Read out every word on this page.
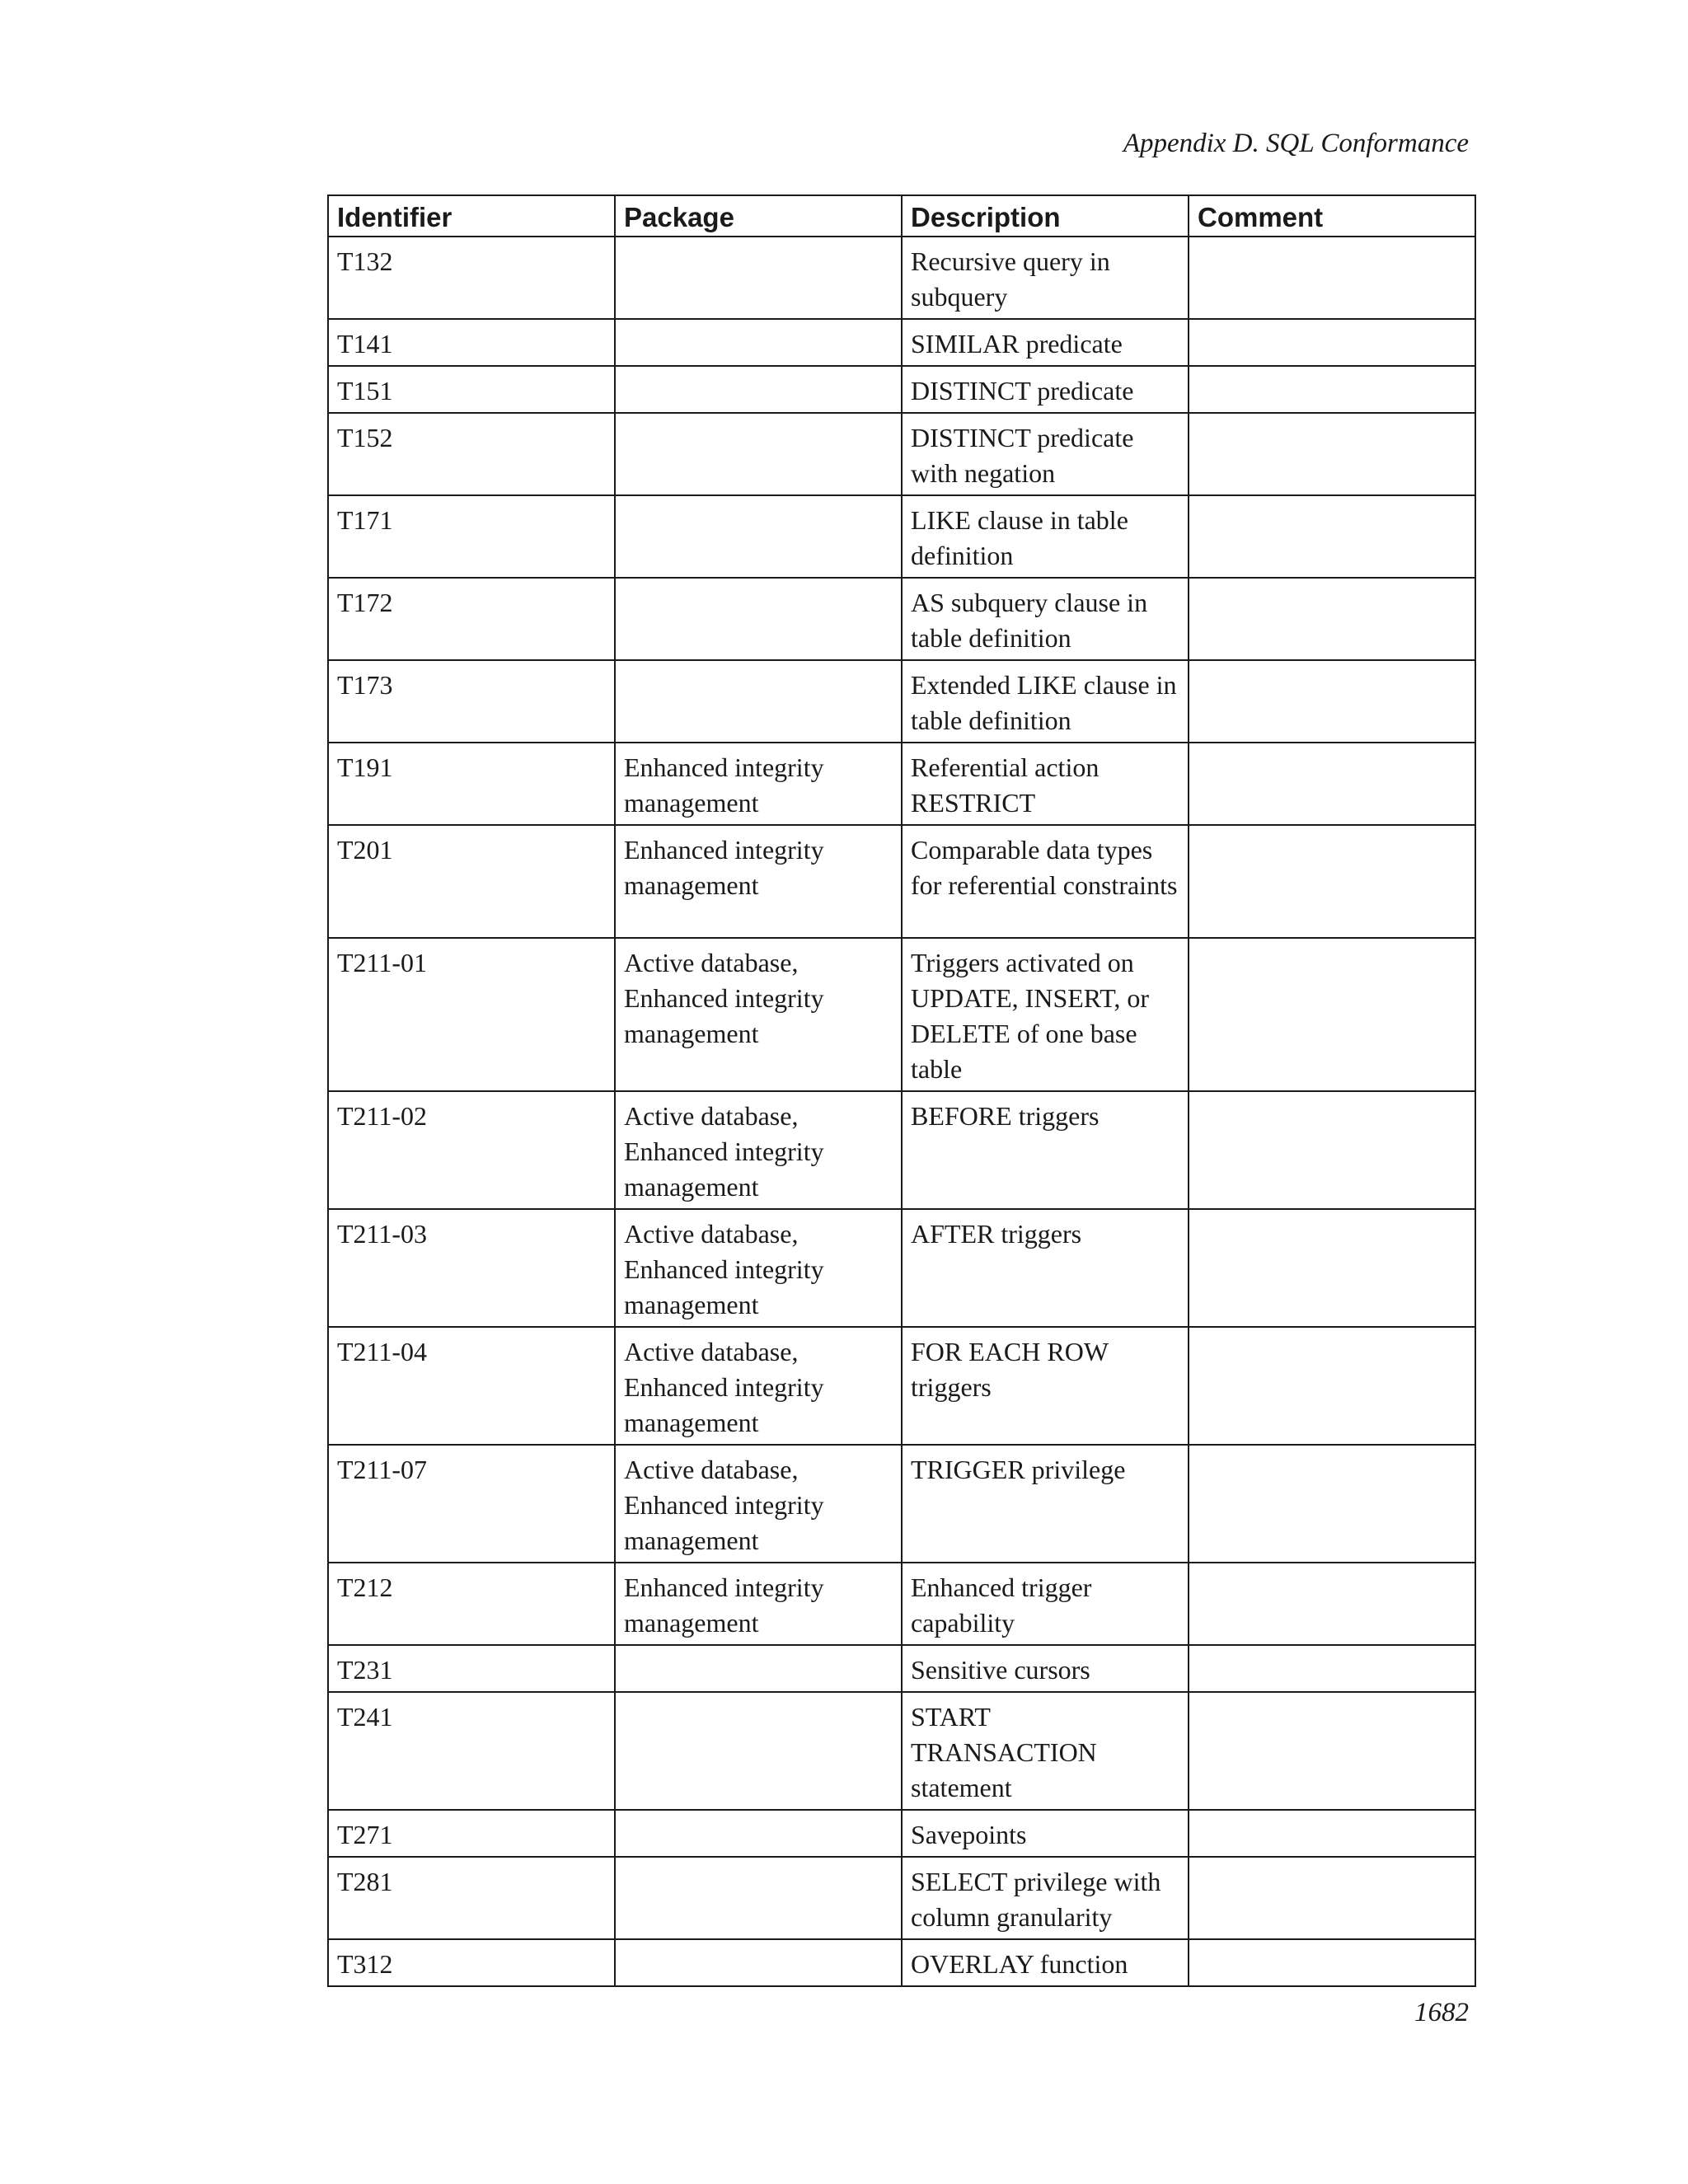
Appendix D. SQL Conformance
Identifier	Package	Description	Comment
T132		Recursive query in subquery	
T141		SIMILAR predicate	
T151		DISTINCT predicate	
T152		DISTINCT predicate with negation	
T171		LIKE clause in table definition	
T172		AS subquery clause in table definition	
T173		Extended LIKE clause in table definition	
T191	Enhanced integrity management	Referential action RESTRICT	
T201	Enhanced integrity management	Comparable data types for referential constraints	
T211-01	Active database, Enhanced integrity management	Triggers activated on UPDATE, INSERT, or DELETE of one base table	
T211-02	Active database, Enhanced integrity management	BEFORE triggers	
T211-03	Active database, Enhanced integrity management	AFTER triggers	
T211-04	Active database, Enhanced integrity management	FOR EACH ROW triggers	
T211-07	Active database, Enhanced integrity management	TRIGGER privilege	
T212	Enhanced integrity management	Enhanced trigger capability	
T231		Sensitive cursors	
T241		START TRANSACTION statement	
T271		Savepoints	
T281		SELECT privilege with column granularity	
T312		OVERLAY function	
1682
